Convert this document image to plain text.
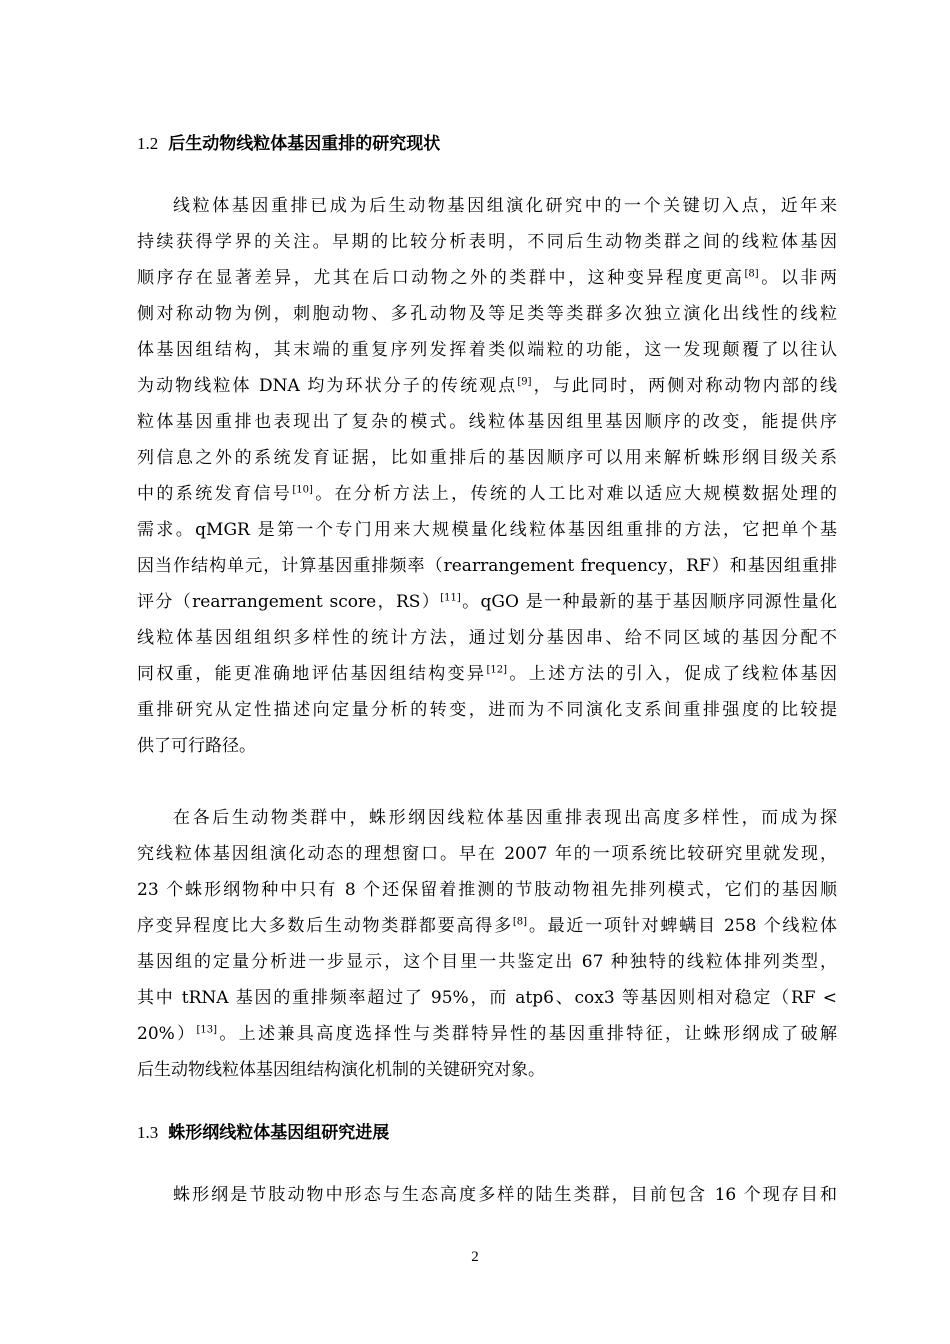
1.2 后生动物线粒体基因重排的研究现状
线粒体基因重排已成为后生动物基因组演化研究中的一个关键切入点，近年来
持续获得学界的关注。早期的比较分析表明，不同后生动物类群之间的线粒体基因
顺序存在显著差异，尤其在后口动物之外的类群中，这种变异程度更高[8]。以非两
侧对称动物为例，刺胞动物、多孔动物及等足类等类群多次独立演化出线性的线粒
体基因组结构，其末端的重复序列发挥着类似端粒的功能，这一发现颠覆了以往认
为动物线粒体 DNA 均为环状分子的传统观点[9]，与此同时，两侧对称动物内部的线
粒体基因重排也表现出了复杂的模式。线粒体基因组里基因顺序的改变，能提供序
列信息之外的系统发育证据，比如重排后的基因顺序可以用来解析蛛形纲目级关系
中的系统发育信号[10]。在分析方法上，传统的人工比对难以适应大规模数据处理的
需求。qMGR 是第一个专门用来大规模量化线粒体基因组重排的方法，它把单个基
因当作结构单元，计算基因重排频率（rearrangement frequency，RF）和基因组重排
评分（rearrangement score，RS）[11]。qGO 是一种最新的基于基因顺序同源性量化
线粒体基因组组织多样性的统计方法，通过划分基因串、给不同区域的基因分配不
同权重，能更准确地评估基因组结构变异[12]。上述方法的引入，促成了线粒体基因
重排研究从定性描述向定量分析的转变，进而为不同演化支系间重排强度的比较提
供了可行路径。
在各后生动物类群中，蛛形纲因线粒体基因重排表现出高度多样性，而成为探
究线粒体基因组演化动态的理想窗口。早在 2007 年的一项系统比较研究里就发现，
23 个蛛形纲物种中只有 8 个还保留着推测的节肢动物祖先排列模式，它们的基因顺
序变异程度比大多数后生动物类群都要高得多[8]。最近一项针对蜱螨目 258 个线粒体
基因组的定量分析进一步显示，这个目里一共鉴定出 67 种独特的线粒体排列类型，
其中 tRNA 基因的重排频率超过了 95%，而 atp6、cox3 等基因则相对稳定（RF <
20%）[13]。上述兼具高度选择性与类群特异性的基因重排特征，让蛛形纲成了破解
后生动物线粒体基因组结构演化机制的关键研究对象。
1.3 蛛形纲线粒体基因组研究进展
蛛形纲是节肢动物中形态与生态高度多样的陆生类群，目前包含 16 个现存目和
2
